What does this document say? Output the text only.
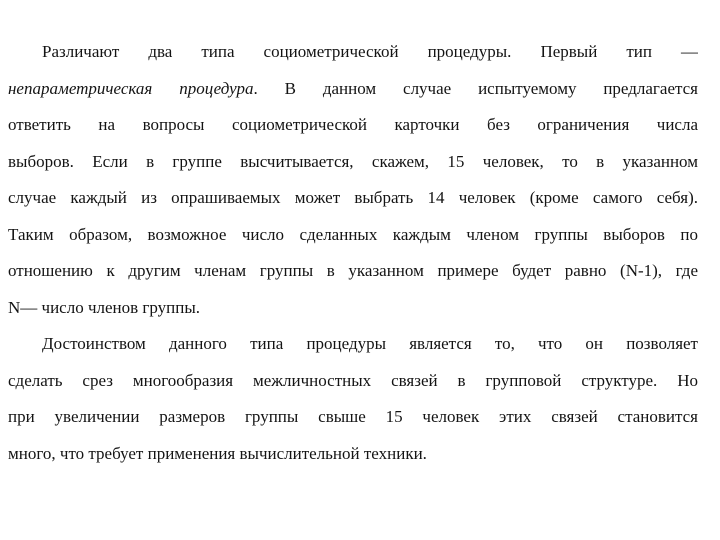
Различают два типа социометрической процедуры. Первый тип —
непараметрическая процедура. В данном случае испытуемому предлагается
ответить на вопросы социометрической карточки без ограничения числа
выборов. Если в группе высчитывается, скажем, 15 человек, то в указанном
случае каждый из опрашиваемых может выбрать 14 человек (кроме самого себя).
Таким образом, возможное число сделанных каждым членом группы выборов по
отношению к другим членам группы в указанном примере будет равно (N-1), где
N— число членов группы.
Достоинством данного типа процедуры является то, что он позволяет
сделать срез многообразия межличностных связей в групповой структуре. Но
при увеличении размеров группы свыше 15 человек этих связей становится
много, что требует применения вычислительной техники.
